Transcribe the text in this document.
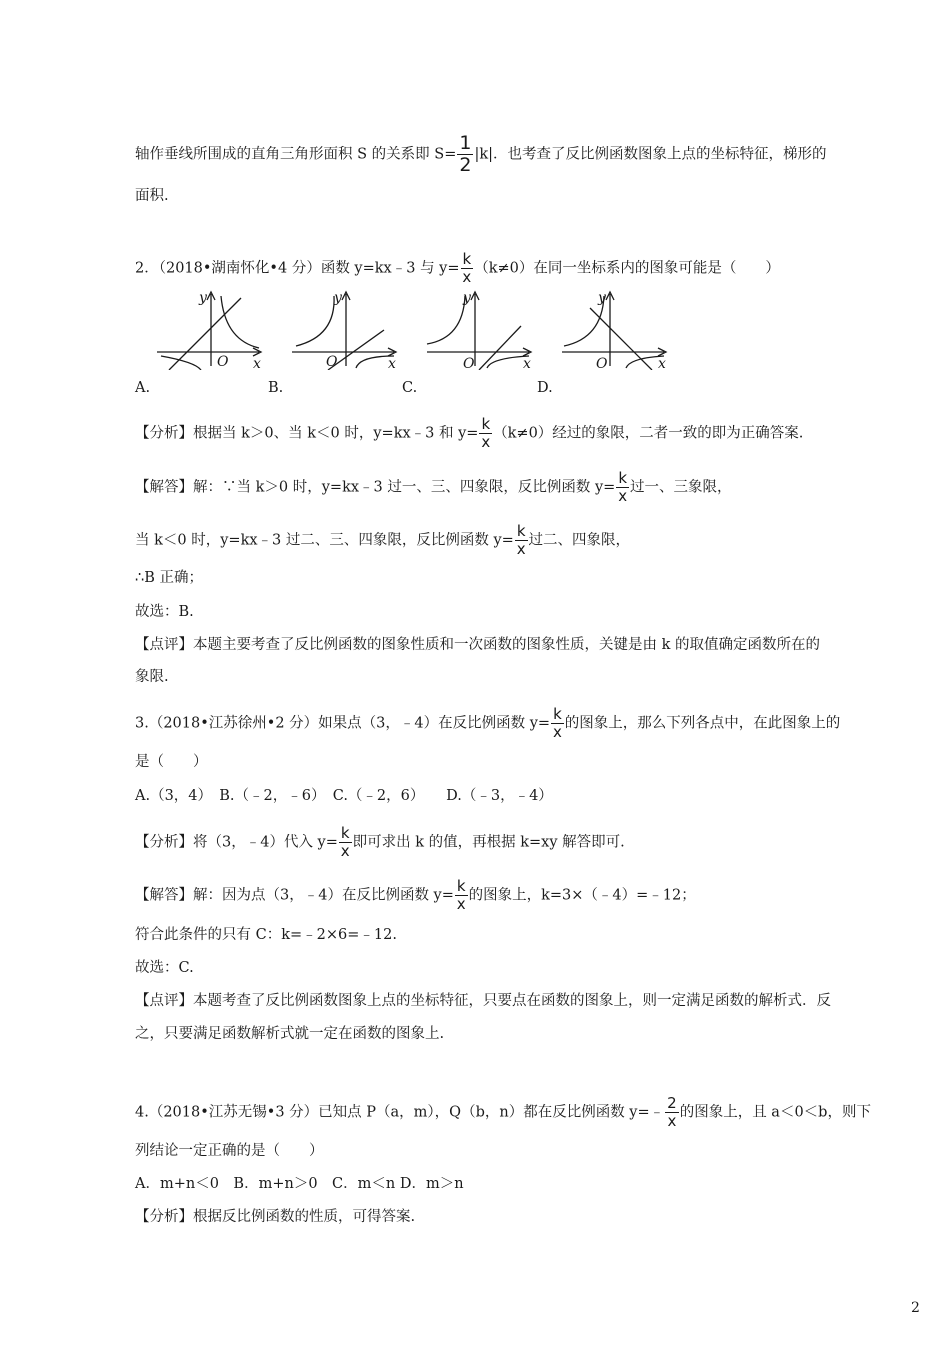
轴作垂线所围成的直角三角形面积 S 的关系即 $S= \frac{1}{2} |k|$．也考查了反比例函数图象上点的坐标特征，梯形的
面积.
2．（2018•湖南怀化•4 分）函数 y=kx﹣3 与 $y= \frac{k}{x} (k\ne 0)$在同一坐标系内的图象可能是（　　）
y
x
O
A.
y
x
O
B.
y
x
O
C.
y
x
O
D.
【分析】根据当 k＞0、当 k＜0 时，y=kx﹣3 和 $y= \frac{k}{x} (k\ne 0)$经过的象限，二者一致的即为正确答案.
【解答】解：∵当 k＞0 时，y=kx﹣3 过一、三、四象限，反比例函数 $y= \frac{k}{x}$ 过一、三象限，
当 k＜0 时，y=kx﹣3 过二、三、四象限，反比例函数 $y= \frac{k}{x}$ 过二、四象限，
∴B 正确；
故选：B.
【点评】本题主要考查了反比例函数的图象性质和一次函数的图象性质，关键是由 k 的取值确定函数所在的
象限.
3.（2018•江苏徐州•2 分）如果点（3，﹣4）在反比例函数 $y= \frac{k}{x}$ 的图象上，那么下列各点中，在此图象上的
是（　　）
A.（3，4）　B.（﹣2，﹣6）　C.（﹣2，6）　　D.（﹣3，﹣4）
【分析】将（3，﹣4）代入 $y= \frac{k}{x}$ 即可求出 k 的值，再根据 k=xy 解答即可.
【解答】解：因为点（3，﹣4）在反比例函数 $y= \frac{k}{x}$ 的图象上，k=3×（﹣4）=﹣12；
符合此条件的只有 C：k=﹣2×6=﹣12.
故选：C.
【点评】本题考查了反比例函数图象上点的坐标特征，只要点在函数的图象上，则一定满足函数的解析式．反
之，只要满足函数解析式就一定在函数的图象上.
4.（2018•江苏无锡•3 分）已知点 P（a，m），Q（b，n）都在反比例函数 y=﹣ $\frac{2}{x}$ 的图象上，且 a＜0＜b，则下
列结论一定正确的是（　　）
A．m+n＜0　B．m+n＞0　C．m＜n D．m＞n
【分析】根据反比例函数的性质，可得答案.
2
